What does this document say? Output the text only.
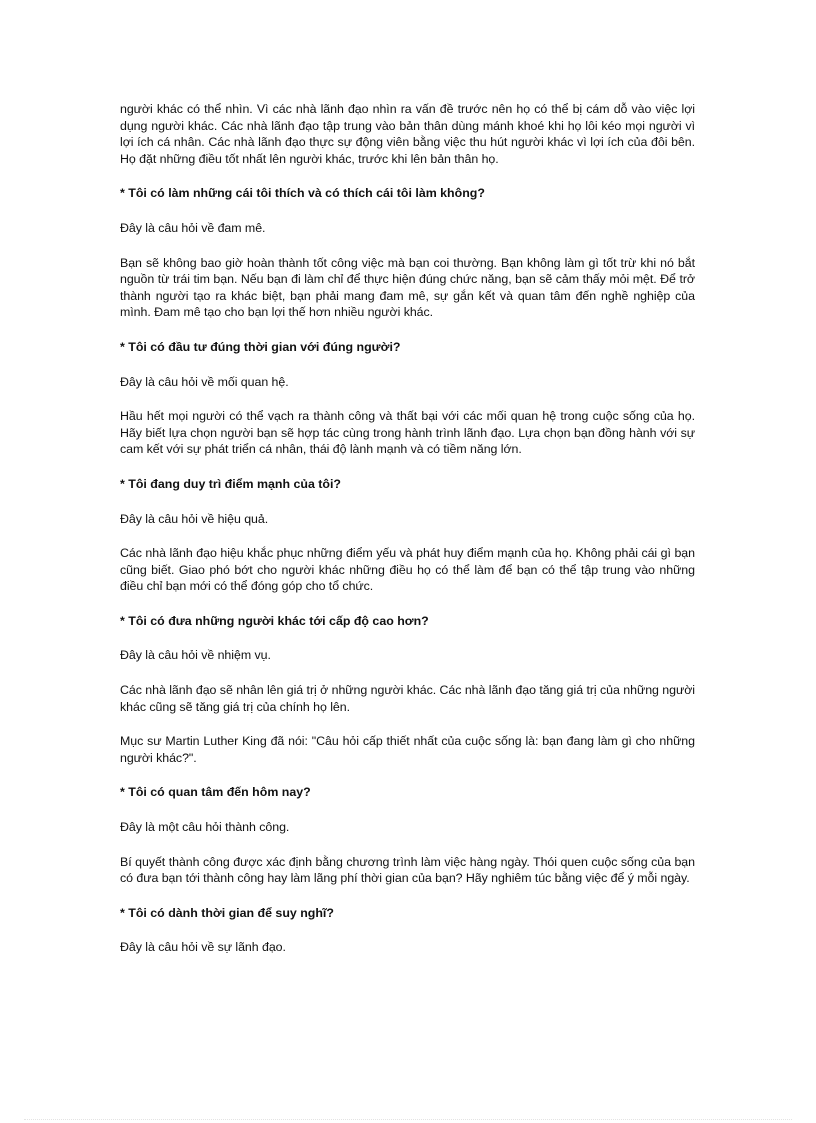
người khác có thể nhìn. Vì các nhà lãnh đạo nhìn ra vấn đề trước nên họ có thể bị cám dỗ vào việc lợi dụng người khác. Các nhà lãnh đạo tập trung vào bản thân dùng mánh khoé khi họ lôi kéo mọi người vì lợi ích cá nhân. Các nhà lãnh đạo thực sự động viên bằng việc thu hút người khác vì lợi ích của đôi bên. Họ đặt những điều tốt nhất lên người khác, trước khi lên bản thân họ.

* Tôi có làm những cái tôi thích và có thích cái tôi làm không?

Đây là câu hỏi về đam mê.

Bạn sẽ không bao giờ hoàn thành tốt công việc mà bạn coi thường. Bạn không làm gì tốt trừ khi nó bắt nguồn từ trái tim bạn. Nếu bạn đi làm chỉ để thực hiện đúng chức năng, bạn sẽ cảm thấy mỏi mệt. Để trở thành người tạo ra khác biệt, bạn phải mang đam mê, sự gắn kết và quan tâm đến nghề nghiệp của mình. Đam mê tạo cho bạn lợi thế hơn nhiều người khác.

* Tôi có đầu tư đúng thời gian với đúng người?

Đây là câu hỏi về mối quan hệ.

Hầu hết mọi người có thể vạch ra thành công và thất bại với các mối quan hệ trong cuộc sống của họ. Hãy biết lựa chọn người bạn sẽ hợp tác cùng trong hành trình lãnh đạo. Lựa chọn bạn đồng hành với sự cam kết với sự phát triển cá nhân, thái độ lành mạnh và có tiềm năng lớn.

* Tôi đang duy trì điểm mạnh của tôi?

Đây là câu hỏi về hiệu quả.

Các nhà lãnh đạo hiệu khắc phục những điểm yếu và phát huy điểm mạnh của họ. Không phải cái gì bạn cũng biết. Giao phó bớt cho người khác những điều họ có thể làm để bạn có thể tập trung vào những điều chỉ bạn mới có thể đóng góp cho tổ chức.

* Tôi có đưa những người khác tới cấp độ cao hơn?

Đây là câu hỏi về nhiệm vụ.

Các nhà lãnh đạo sẽ nhân lên giá trị ở những người khác. Các nhà lãnh đạo tăng giá trị của những người khác cũng sẽ tăng giá trị của chính họ lên.

Mục sư Martin Luther King đã nói: "Câu hỏi cấp thiết nhất của cuộc sống là: bạn đang làm gì cho những người khác?".

* Tôi có quan tâm đến hôm nay?

Đây là một câu hỏi thành công.

Bí quyết thành công được xác định bằng chương trình làm việc hàng ngày. Thói quen cuộc sống của bạn có đưa bạn tới thành công hay làm lãng phí thời gian của bạn? Hãy nghiêm túc bằng việc để ý mỗi ngày.

* Tôi có dành thời gian để suy nghĩ?

Đây là câu hỏi về sự lãnh đạo.
